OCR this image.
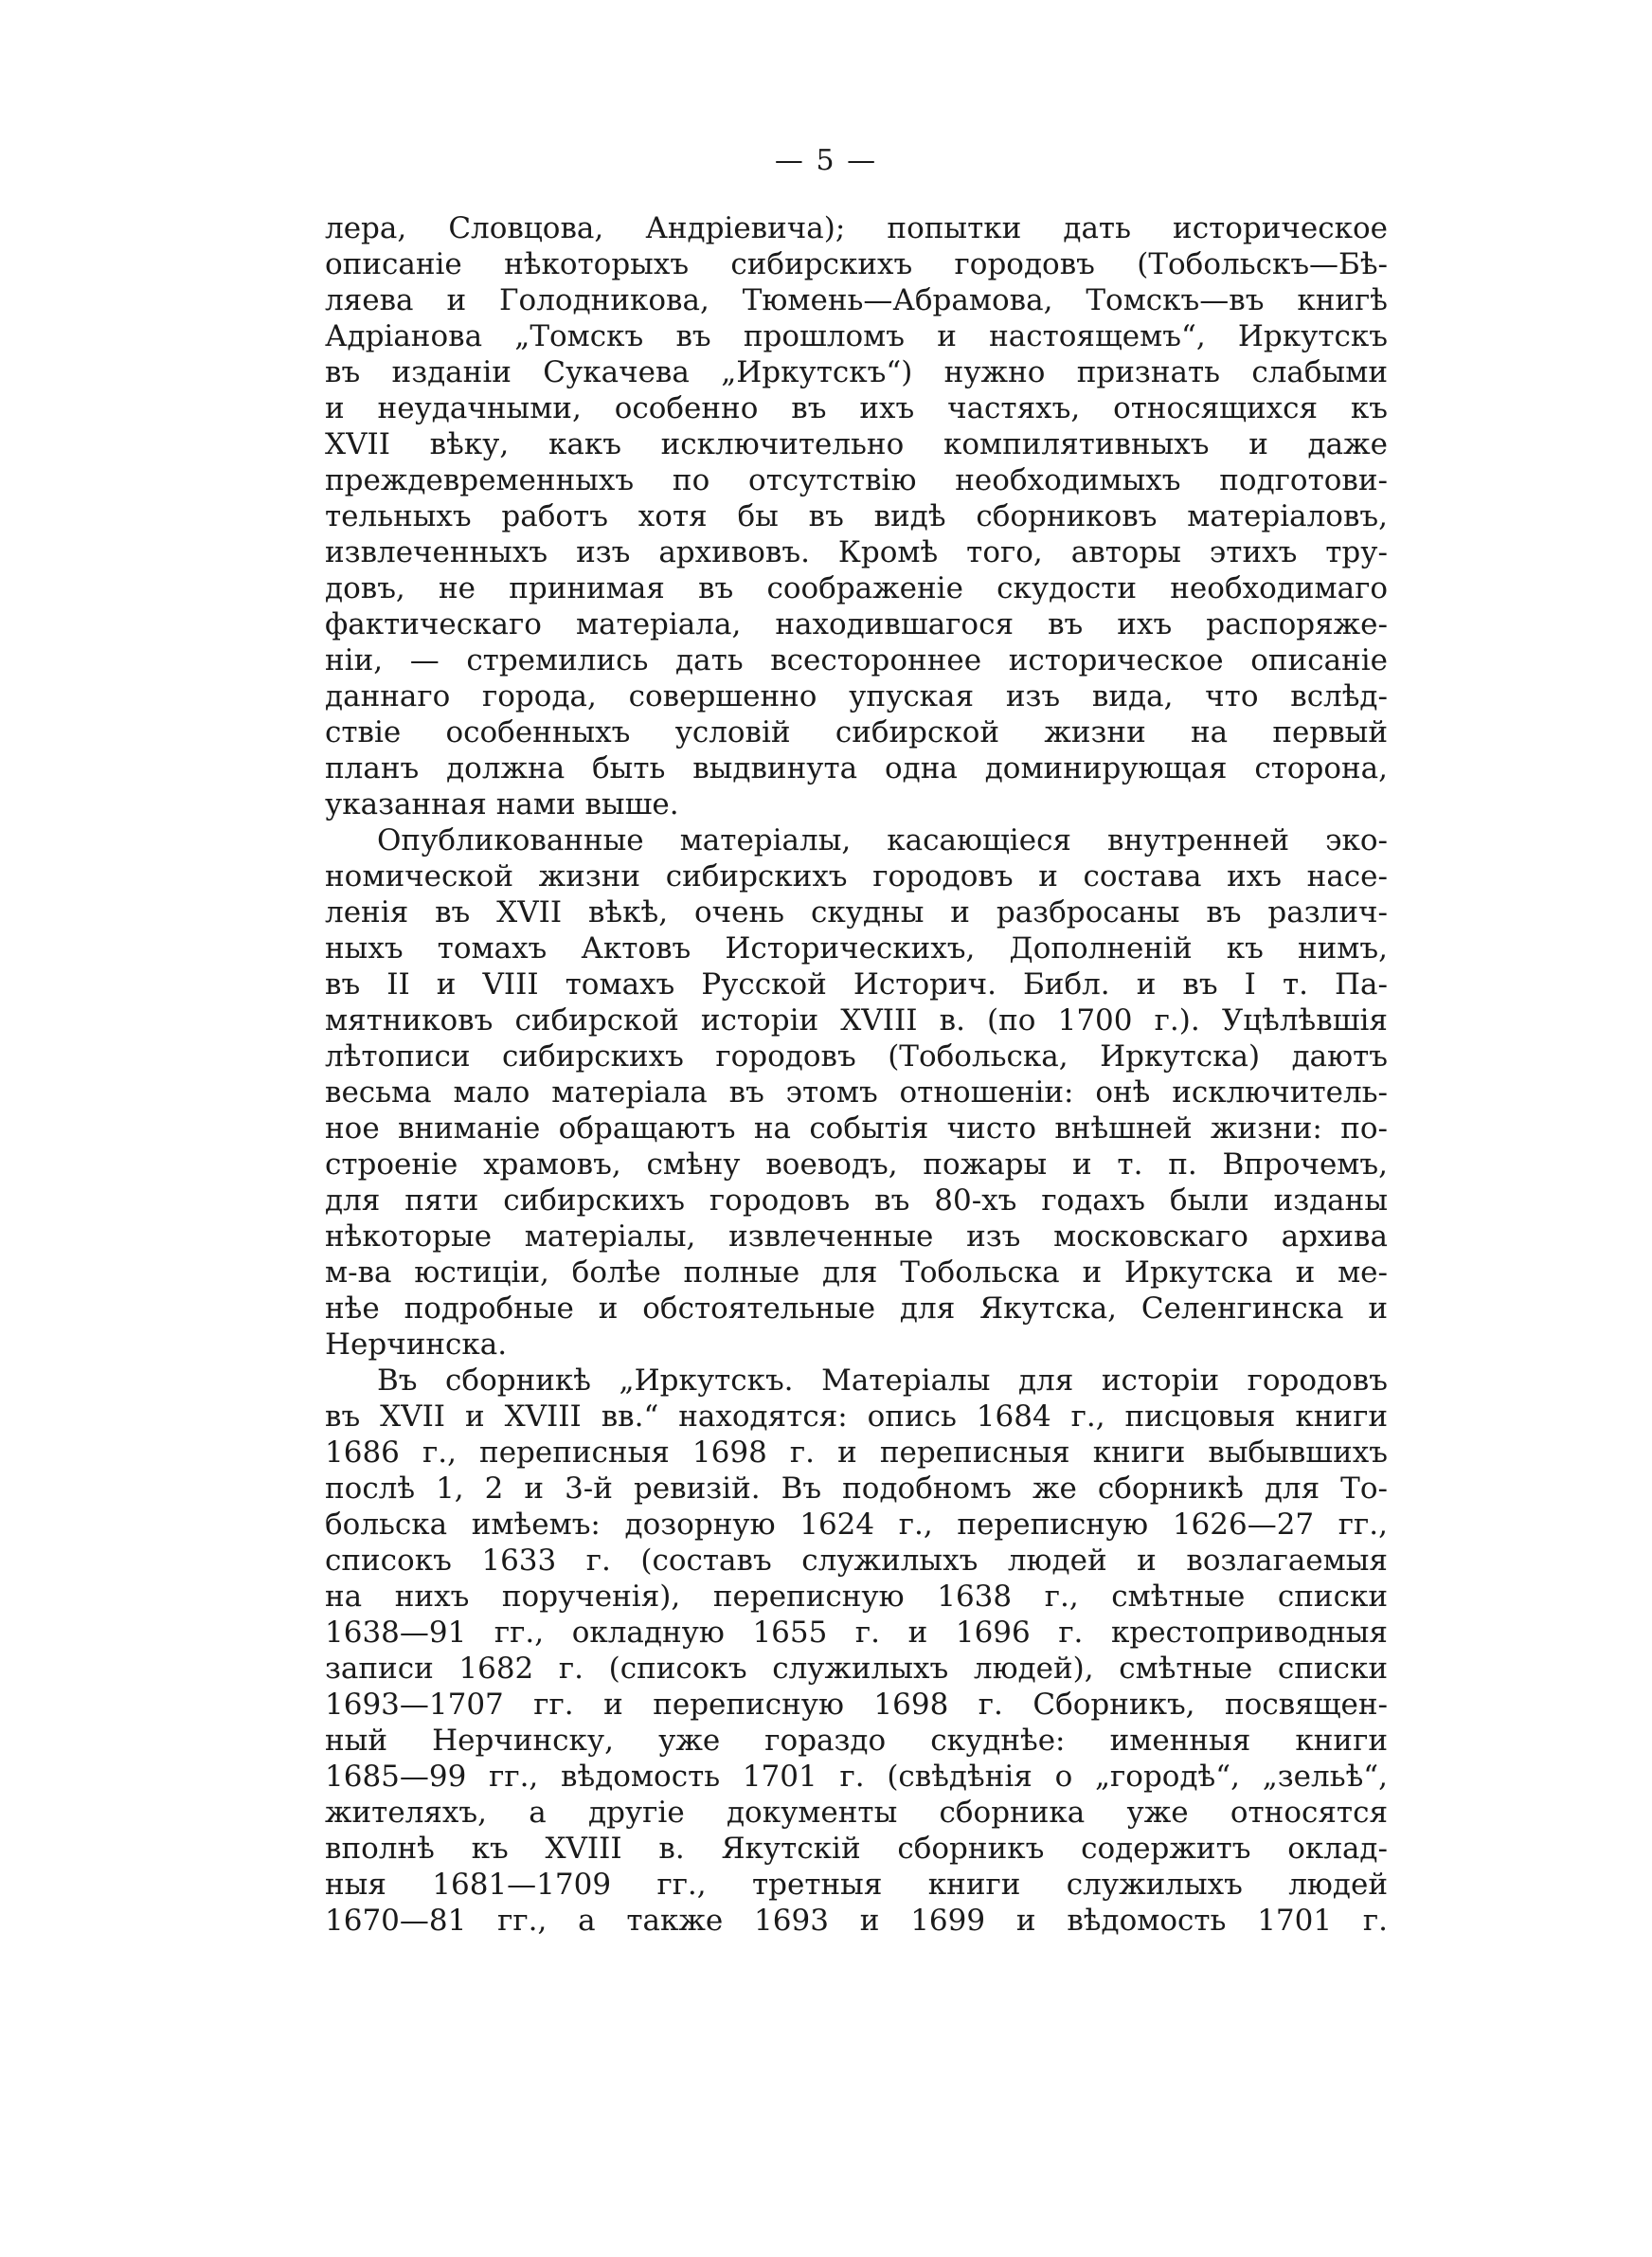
— 5 —
лера, Словцова, Андріевича); попытки дать историческое
описаніе нѣкоторыхъ сибирскихъ городовъ (Тобольскъ—Бѣ-
ляева и Голодникова, Тюмень—Абрамова, Томскъ—въ книгѣ
Адріанова „Томскъ въ прошломъ и настоящемъ“, Иркутскъ
въ изданіи Сукачева „Иркутскъ“) нужно признать слабыми
и неудачными, особенно въ ихъ частяхъ, относящихся къ
XVII вѣку, какъ исключительно компилятивныхъ и даже
преждевременныхъ по отсутствію необходимыхъ подготови-
тельныхъ работъ хотя бы въ видѣ сборниковъ матеріаловъ,
извлеченныхъ изъ архивовъ. Кромѣ того, авторы этихъ тру-
довъ, не принимая въ соображеніе скудости необходимаго
фактическаго матеріала, находившагося въ ихъ распоряже-
ніи, — стремились дать всестороннее историческое описаніе
даннаго города, совершенно упуская изъ вида, что вслѣд-
ствіе особенныхъ условій сибирской жизни на первый
планъ должна быть выдвинута одна доминирующая сторона,
указанная нами выше.
Опубликованные матеріалы, касающіеся внутренней эко-
номической жизни сибирскихъ городовъ и состава ихъ насе-
ленія въ XVII вѣкѣ, очень скудны и разбросаны въ различ-
ныхъ томахъ Актовъ Историческихъ, Дополненій къ нимъ,
въ II и VIII томахъ Русской Историч. Библ. и въ I т. Па-
мятниковъ сибирской исторіи XVIII в. (по 1700 г.). Уцѣлѣвшія
лѣтописи сибирскихъ городовъ (Тобольска, Иркутска) даютъ
весьма мало матеріала въ этомъ отношеніи: онѣ исключитель-
ное вниманіе обращаютъ на событія чисто внѣшней жизни: по-
строеніе храмовъ, смѣну воеводъ, пожары и т. п. Впрочемъ,
для пяти сибирскихъ городовъ въ 80-хъ годахъ были изданы
нѣкоторые матеріалы, извлеченные изъ московскаго архива
м-ва юстиціи, болѣе полные для Тобольска и Иркутска и ме-
нѣе подробные и обстоятельные для Якутска, Селенгинска и
Нерчинска.
Въ сборникѣ „Иркутскъ. Матеріалы для исторіи городовъ
въ XVII и XVIII вв.“ находятся: опись 1684 г., писцовыя книги
1686 г., переписныя 1698 г. и переписныя книги выбывшихъ
послѣ 1, 2 и 3-й ревизій. Въ подобномъ же сборникѣ для То-
больска имѣемъ: дозорную 1624 г., переписную 1626—27 гг.,
списокъ 1633 г. (составъ служилыхъ людей и возлагаемыя
на нихъ порученія), переписную 1638 г., смѣтные списки
1638—91 гг., окладную 1655 г. и 1696 г. крестоприводныя
записи 1682 г. (списокъ служилыхъ людей), смѣтные списки
1693—1707 гг. и переписную 1698 г. Сборникъ, посвящен-
ный Нерчинску, уже гораздо скуднѣе: именныя книги
1685—99 гг., вѣдомость 1701 г. (свѣдѣнія о „городѣ“, „зельѣ“,
жителяхъ, а другіе документы сборника уже относятся
вполнѣ къ XVIII в. Якутскій сборникъ содержитъ оклад-
ныя 1681—1709 гг., третныя книги служилыхъ людей
1670—81 гг., а также 1693 и 1699 и вѣдомость 1701 г.
